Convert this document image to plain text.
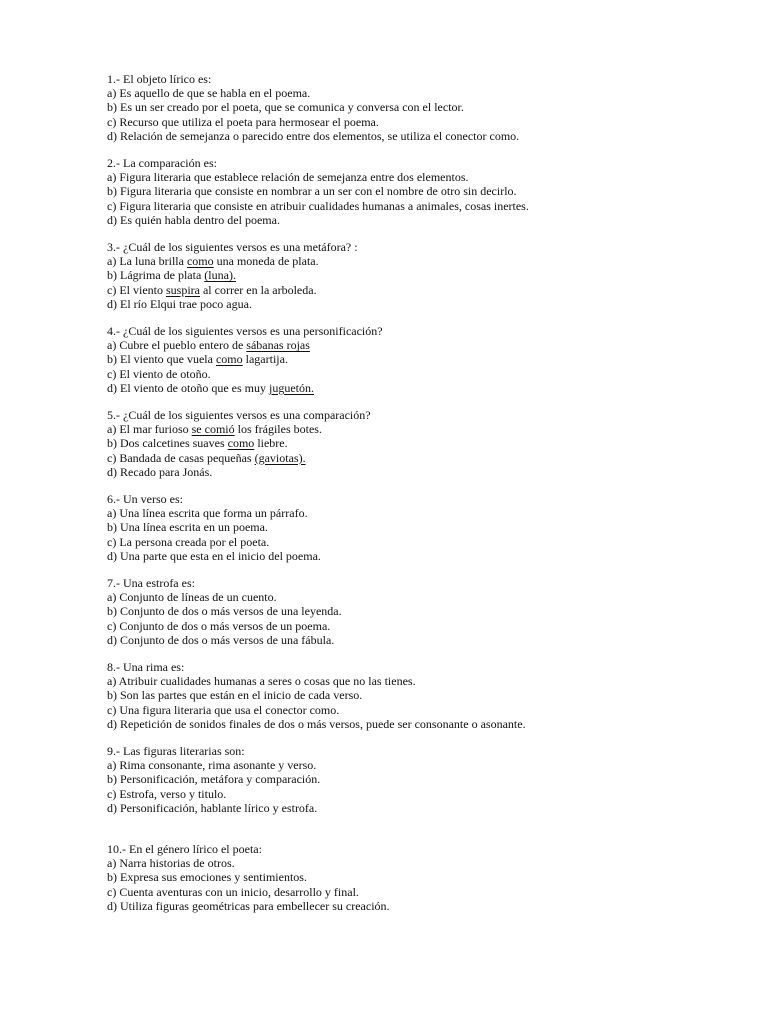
1.- El objeto lírico es:
a) Es aquello de que se habla en el poema.
b) Es un ser creado por el poeta, que se comunica y conversa con el lector.
c) Recurso que utiliza el poeta para hermosear el poema.
d) Relación de semejanza o parecido entre dos elementos, se utiliza el conector como.
2.- La comparación es:
a) Figura literaria que establece relación de semejanza entre dos elementos.
b) Figura literaria que consiste en nombrar a un ser con el nombre de otro sin decirlo.
c) Figura literaria que consiste en atribuir cualidades humanas a animales, cosas inertes.
d) Es quién habla dentro del poema.
3.- ¿Cuál de los siguientes versos es una metáfora? :
a) La luna brilla como una moneda de plata.
b) Lágrima de plata (luna).
c) El viento suspira al correr en la arboleda.
d) El río Elqui trae poco agua.
4.- ¿Cuál de los siguientes versos es una personificación?
a) Cubre el pueblo entero de sábanas rojas
b) El viento que vuela como lagartija.
c) El viento de otoño.
d) El viento de otoño que es muy juguetón.
5.- ¿Cuál de los siguientes versos es una comparación?
a) El mar furioso se comió los frágiles botes.
b) Dos calcetines suaves como liebre.
c) Bandada de casas pequeñas (gaviotas).
d) Recado para Jonás.
6.- Un verso es:
a) Una línea escrita que forma un párrafo.
b) Una línea escrita en un poema.
c) La persona creada por el poeta.
d) Una parte que esta en el inicio del poema.
7.- Una estrofa es:
a) Conjunto de líneas de un cuento.
b) Conjunto de dos o más versos de una leyenda.
c) Conjunto de dos o más versos de un poema.
d) Conjunto de dos o más versos de una fábula.
8.- Una rima es:
a) Atribuir cualidades humanas a seres o cosas que no las tienes.
b) Son las partes que están en el inicio de cada verso.
c) Una figura literaria que usa el conector como.
d) Repetición de sonidos finales de dos o más versos, puede ser consonante o asonante.
9.- Las figuras literarias son:
a) Rima consonante, rima asonante y verso.
b) Personificación, metáfora y comparación.
c) Estrofa, verso y titulo.
d) Personificación, hablante lírico y estrofa.
10.- En el género lírico el poeta:
a) Narra historias de otros.
b) Expresa sus emociones y sentimientos.
c) Cuenta aventuras con un inicio, desarrollo y final.
d) Utiliza figuras geométricas para embellecer su creación.
